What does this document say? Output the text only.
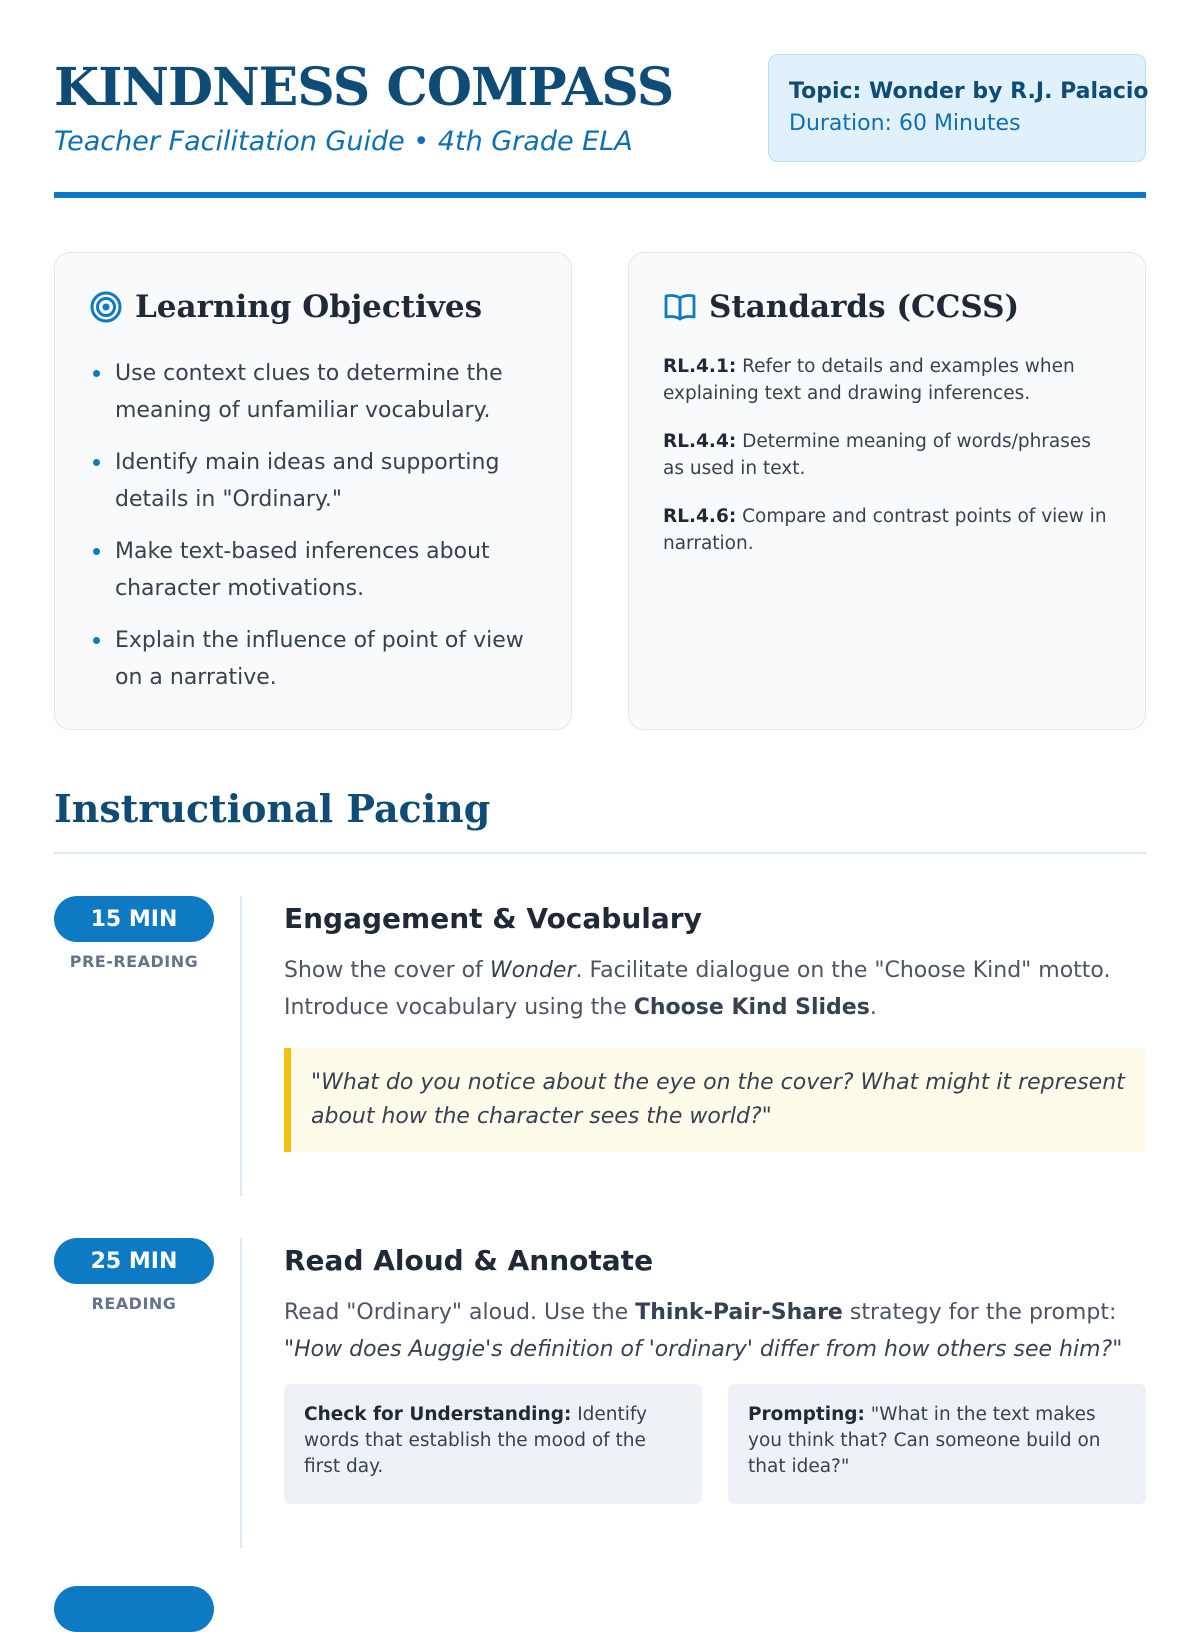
KINDNESS COMPASS
Teacher Facilitation Guide • 4th Grade ELA
Topic: Wonder by R.J. Palacio
Duration: 60 Minutes
Learning Objectives
Use context clues to determine the meaning of unfamiliar vocabulary.
Identify main ideas and supporting details in "Ordinary."
Make text-based inferences about character motivations.
Explain the influence of point of view on a narrative.
Standards (CCSS)
RL.4.1: Refer to details and examples when explaining text and drawing inferences.
RL.4.4: Determine meaning of words/phrases as used in text.
RL.4.6: Compare and contrast points of view in narration.
Instructional Pacing
15 MIN
PRE-READING
Engagement & Vocabulary
Show the cover of Wonder. Facilitate dialogue on the "Choose Kind" motto. Introduce vocabulary using the Choose Kind Slides.
"What do you notice about the eye on the cover? What might it represent about how the character sees the world?"
25 MIN
READING
Read Aloud & Annotate
Read "Ordinary" aloud. Use the Think-Pair-Share strategy for the prompt:
"How does Auggie's definition of 'ordinary' differ from how others see him?"
Check for Understanding: Identify words that establish the mood of the first day.
Prompting: "What in the text makes you think that? Can someone build on that idea?"
